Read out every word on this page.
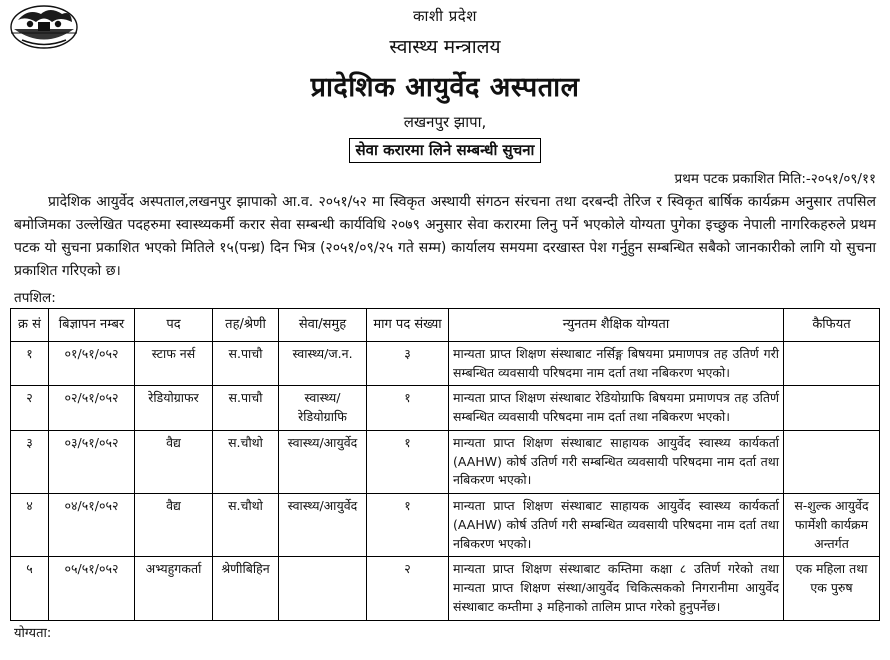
काशी प्रदेश
स्वास्थ्य मन्त्रालय
प्रादेशिक आयुर्वेद अस्पताल
लखनपुर झापा,
सेवा करारमा लिने सम्बन्धी सुचना
प्रथम पटक प्रकाशित मिति:-२०५१/०९/११
प्रादेशिक आयुर्वेद अस्पताल,लखनपुर झापाको आ.व. २०५१/५२ मा स्विकृत अस्थायी संगठन संरचना तथा दरबन्दी तेरिज र स्विकृत बार्षिक कार्यक्रम अनुसार तपसिल बमोजिमका उल्लेखित पदहरुमा स्वास्थ्यकर्मी करार सेवा सम्बन्धी कार्यविधि २०७९ अनुसार सेवा करारमा लिनु पर्ने भएकोले योग्यता पुगेका इच्छुक नेपाली नागरिकहरुले प्रथम पटक यो सुचना प्रकाशित भएको मितिले १५(पन्ध्र) दिन भित्र (२०५१/०९/२५ गते सम्म) कार्यालय समयमा दरखास्त पेश गर्नुहुन सम्बन्धित सबैको जानकारीको लागि यो सुचना प्रकाशित गरिएको छ।
तपशिल:
क्र सं	बिज्ञापन नम्बर	पद	तह/श्रेणी	सेवा/समुह	माग पद संख्या	न्युनतम शैक्षिक योग्यता	कैफियत
१	०१/५१/०५२	स्टाफ नर्स	स.पाचौ	स्वास्थ्य/ज.न.	३	मान्यता प्राप्त शिक्षण संस्थाबाट नर्सिङ्ग बिषयमा प्रमाणपत्र तह उतिर्ण गरी सम्बन्धित व्यवसायी परिषदमा नाम दर्ता तथा नबिकरण भएको।	
२	०२/५१/०५२	रेडियोग्राफर	स.पाचौ	स्वास्थ्य/ रेडियोग्राफि	१	मान्यता प्राप्त शिक्षण संस्थाबाट रेडियोग्राफि बिषयमा प्रमाणपत्र तह उतिर्ण सम्बन्धित व्यवसायी परिषदमा नाम दर्ता तथा नबिकरण भएको।	
३	०३/५१/०५२	वैद्य	स.चौथो	स्वास्थ्य/आयुर्वेद	१	मान्यता प्राप्त शिक्षण संस्थाबाट साहायक आयुर्वेद स्वास्थ्य कार्यकर्ता (AAHW) कोर्ष उतिर्ण गरी सम्बन्धित व्यवसायी परिषदमा नाम दर्ता तथा नबिकरण भएको।	
४	०४/५१/०५२	वैद्य	स.चौथो	स्वास्थ्य/आयुर्वेद	१	मान्यता प्राप्त शिक्षण संस्थाबाट साहायक आयुर्वेद स्वास्थ्य कार्यकर्ता (AAHW) कोर्ष उतिर्ण गरी सम्बन्धित व्यवसायी परिषदमा नाम दर्ता तथा नबिकरण भएको।	स-शुल्क आयुर्वेद फार्मेशी कार्यक्रम अन्तर्गत
५	०५/५१/०५२	अभ्यहुगकर्ता	श्रेणीबिहिन		२	मान्यता प्राप्त शिक्षण संस्थाबाट कम्तिमा कक्षा ८ उतिर्ण गरेको तथा मान्यता प्राप्त शिक्षण संस्था/आयुर्वेद चिकित्सकको निगरानीमा आयुर्वेद संस्थाबाट कम्तीमा ३ महिनाको तालिम प्राप्त गरेको हुनुपर्नेछ।	एक महिला तथा एक पुरुष
योग्यता:
